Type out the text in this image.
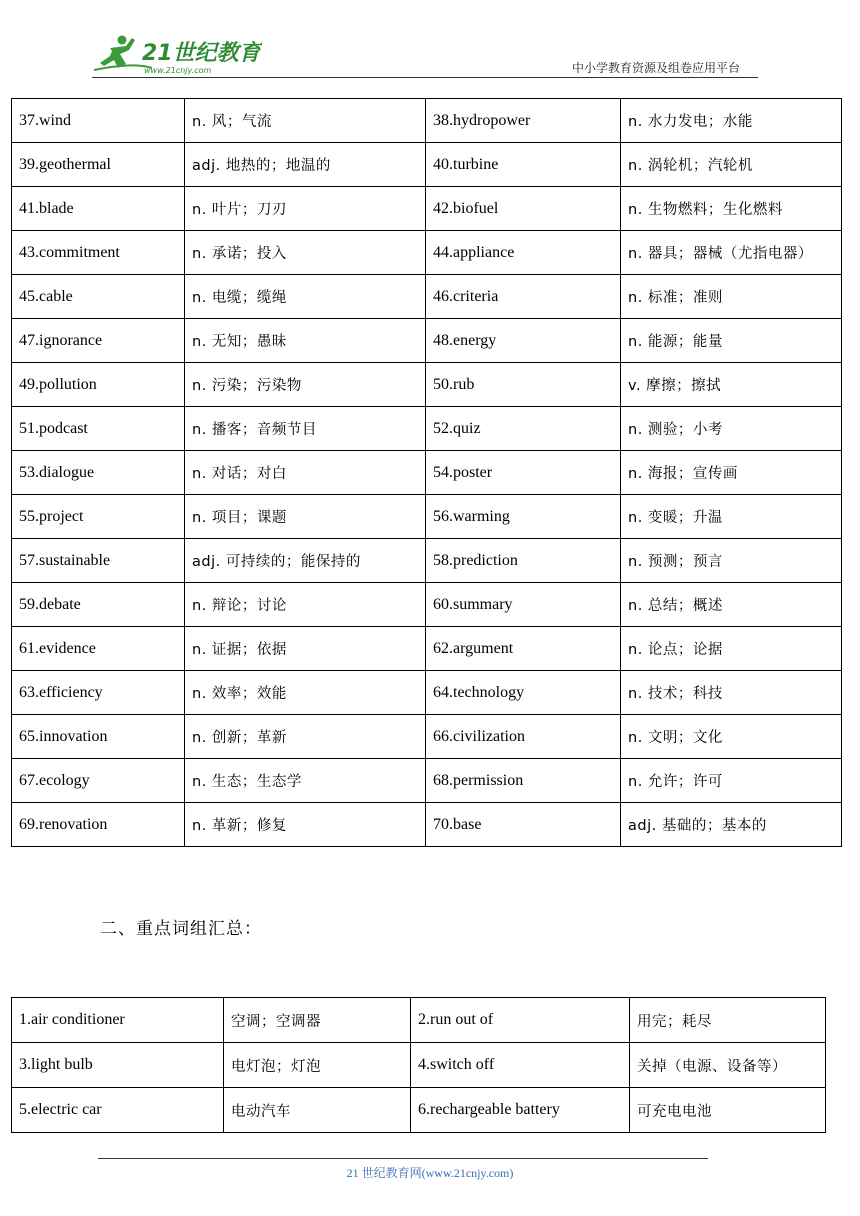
21世纪教育
www.21cnjy.com	中小学教育资源及组卷应用平台
37.wind	n. 风；气流	38.hydropower	n. 水力发电；水能
39.geothermal	adj. 地热的；地温的	40.turbine	n. 涡轮机；汽轮机
41.blade	n. 叶片；刀刃	42.biofuel	n. 生物燃料；生化燃料
43.commitment	n. 承诺；投入	44.appliance	n. 器具；器械（尤指电器）
45.cable	n. 电缆；缆绳	46.criteria	n. 标准；准则
47.ignorance	n. 无知；愚昧	48.energy	n. 能源；能量
49.pollution	n. 污染；污染物	50.rub	v. 摩擦；擦拭
51.podcast	n. 播客；音频节目	52.quiz	n. 测验；小考
53.dialogue	n. 对话；对白	54.poster	n. 海报；宣传画
55.project	n. 项目；课题	56.warming	n. 变暖；升温
57.sustainable	adj. 可持续的；能保持的	58.prediction	n. 预测；预言
59.debate	n. 辩论；讨论	60.summary	n. 总结；概述
61.evidence	n. 证据；依据	62.argument	n. 论点；论据
63.efficiency	n. 效率；效能	64.technology	n. 技术；科技
65.innovation	n. 创新；革新	66.civilization	n. 文明；文化
67.ecology	n. 生态；生态学	68.permission	n. 允许；许可
69.renovation	n. 革新；修复	70.base	adj. 基础的；基本的
二、重点词组汇总：
1.air conditioner	空调；空调器	2.run out of	用完；耗尽
3.light bulb	电灯泡；灯泡	4.switch off	关掉（电源、设备等）
5.electric car	电动汽车	6.rechargeable battery	可充电电池
21 世纪教育网(www.21cnjy.com)
